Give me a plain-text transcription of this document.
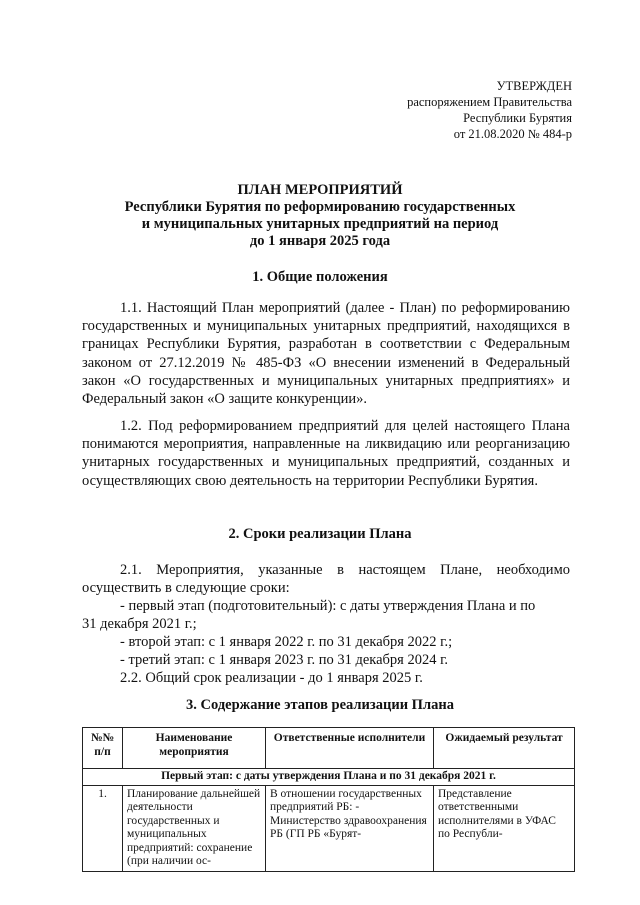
УТВЕРЖДЕН
распоряжением Правительства
Республики Бурятия
от 21.08.2020 № 484-р
ПЛАН МЕРОПРИЯТИЙ
Республики Бурятия по реформированию государственных
и муниципальных унитарных предприятий на период
до 1 января 2025 года
1. Общие положения
1.1. Настоящий План мероприятий (далее - План) по реформированию государственных и муниципальных унитарных предприятий, находящихся в границах Республики Бурятия, разработан в соответствии с Федеральным законом от 27.12.2019 № 485-ФЗ «О внесении изменений в Федеральный закон «О государственных и муниципальных унитарных предприятиях» и Федеральный закон «О защите конкуренции».
1.2. Под реформированием предприятий для целей настоящего Плана понимаются мероприятия, направленные на ликвидацию или реорганизацию унитарных государственных и муниципальных предприятий, созданных и осуществляющих свою деятельность на территории Республики Бурятия.
2. Сроки реализации Плана
2.1. Мероприятия, указанные в настоящем Плане, необходимо осуществить в следующие сроки:
- первый этап (подготовительный): с даты утверждения Плана и по
31 декабря 2021 г.;
- второй этап: с 1 января 2022 г. по 31 декабря 2022 г.;
- третий этап: с 1 января 2023 г. по 31 декабря 2024 г.
2.2. Общий срок реализации - до 1 января 2025 г.
3. Содержание этапов реализации Плана
№№ п/п	Наименование мероприятия	Ответственные исполнители	Ожидаемый результат
Первый этап: с даты утверждения Плана и по 31 декабря 2021 г.			
1.	Планирование дальнейшей деятельности государственных и муниципальных предприятий: сохранение (при наличии ос-	В отношении государственных предприятий РБ: - Министерство здравоохранения РБ (ГП РБ «Бурят-	Представление ответственными исполнителями в УФАС по Республи-
